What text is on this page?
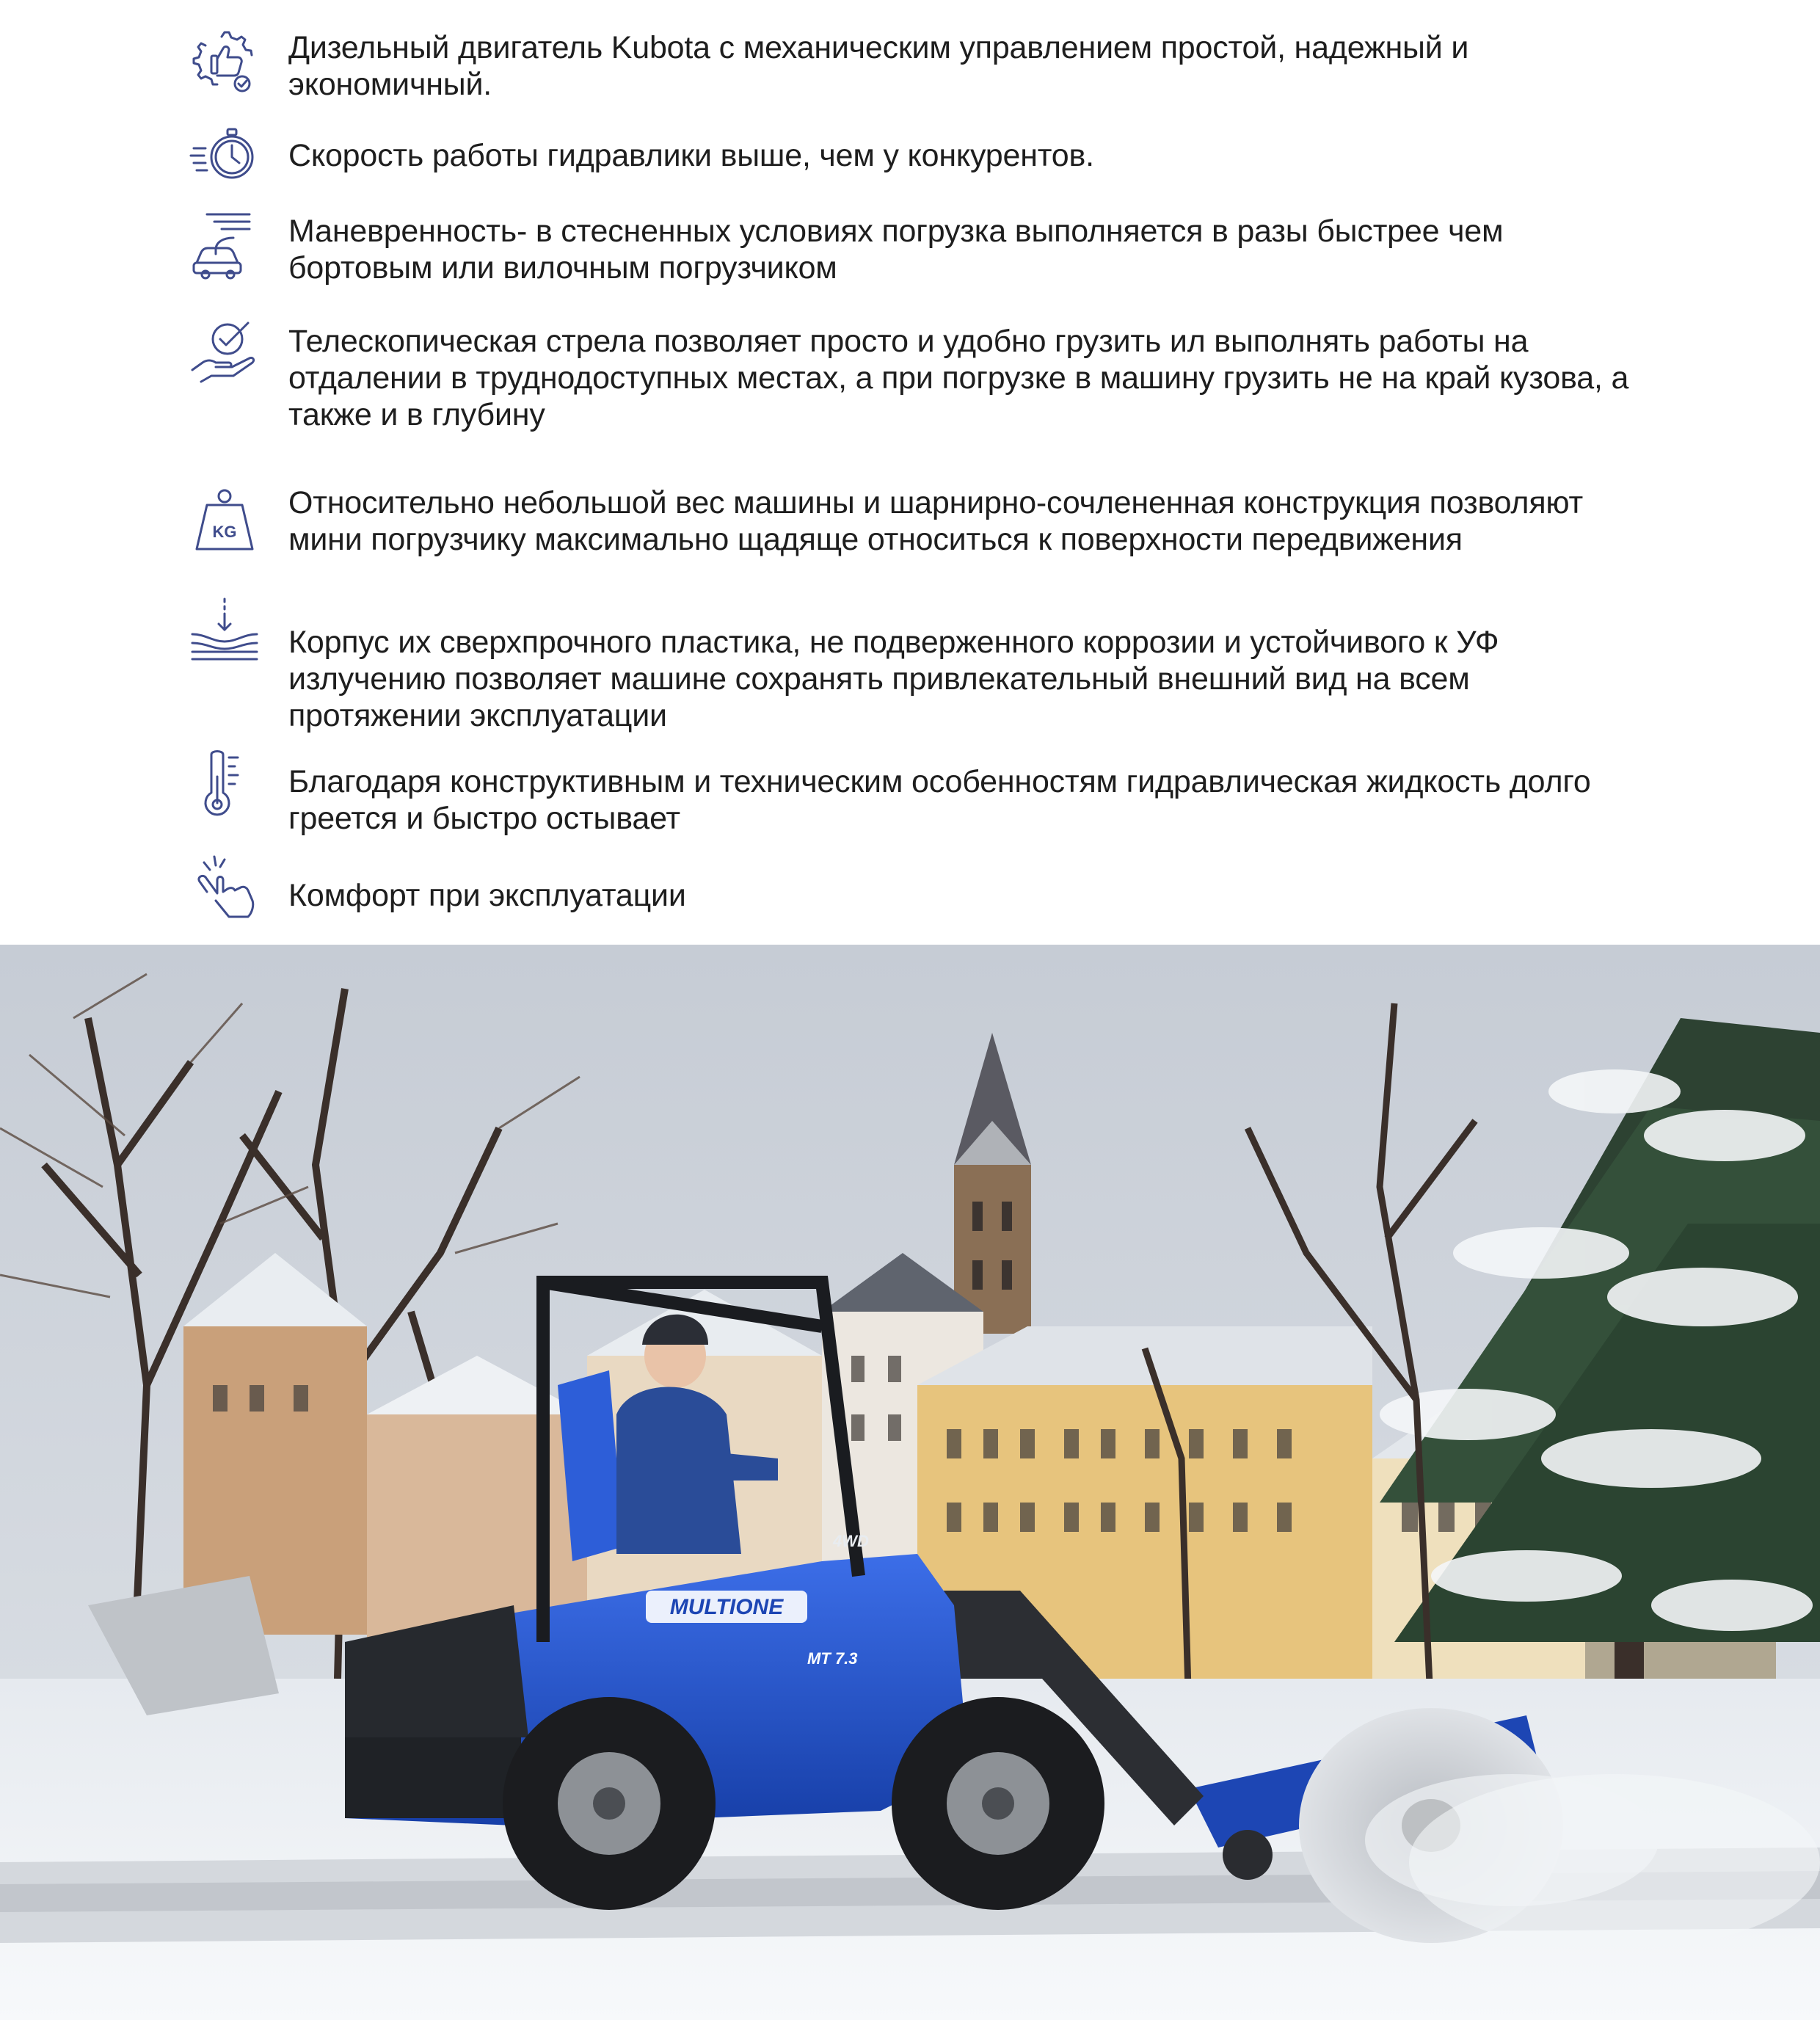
Дизельный двигатель Kubota с механическим управлением простой, надежный и экономичный.
Скорость работы гидравлики выше, чем у конкурентов.
Маневренность- в стесненных условиях погрузка выполняется в разы быстрее чем бортовым или вилочным погрузчиком
Телескопическая стрела позволяет просто и удобно грузить ил выполнять работы на отдалении в труднодоступных местах, а при погрузке в машину грузить не на край кузова, а также и в глубину
KG
Относительно небольшой вес машины и шарнирно-сочлененная конструкция позволяют мини погрузчику максимально щадяще относиться к поверхности передвижения
Корпус их сверхпрочного пластика, не подверженного коррозии и устойчивого к УФ излучению позволяет машине сохранять привлекательный внешний вид на всем протяжении эксплуатации
Благодаря конструктивным и техническим особенностям гидравлическая жидкость долго греется и быстро остывает
Комфорт при эксплуатации
MULTIONE
MT 7.3
4WD
